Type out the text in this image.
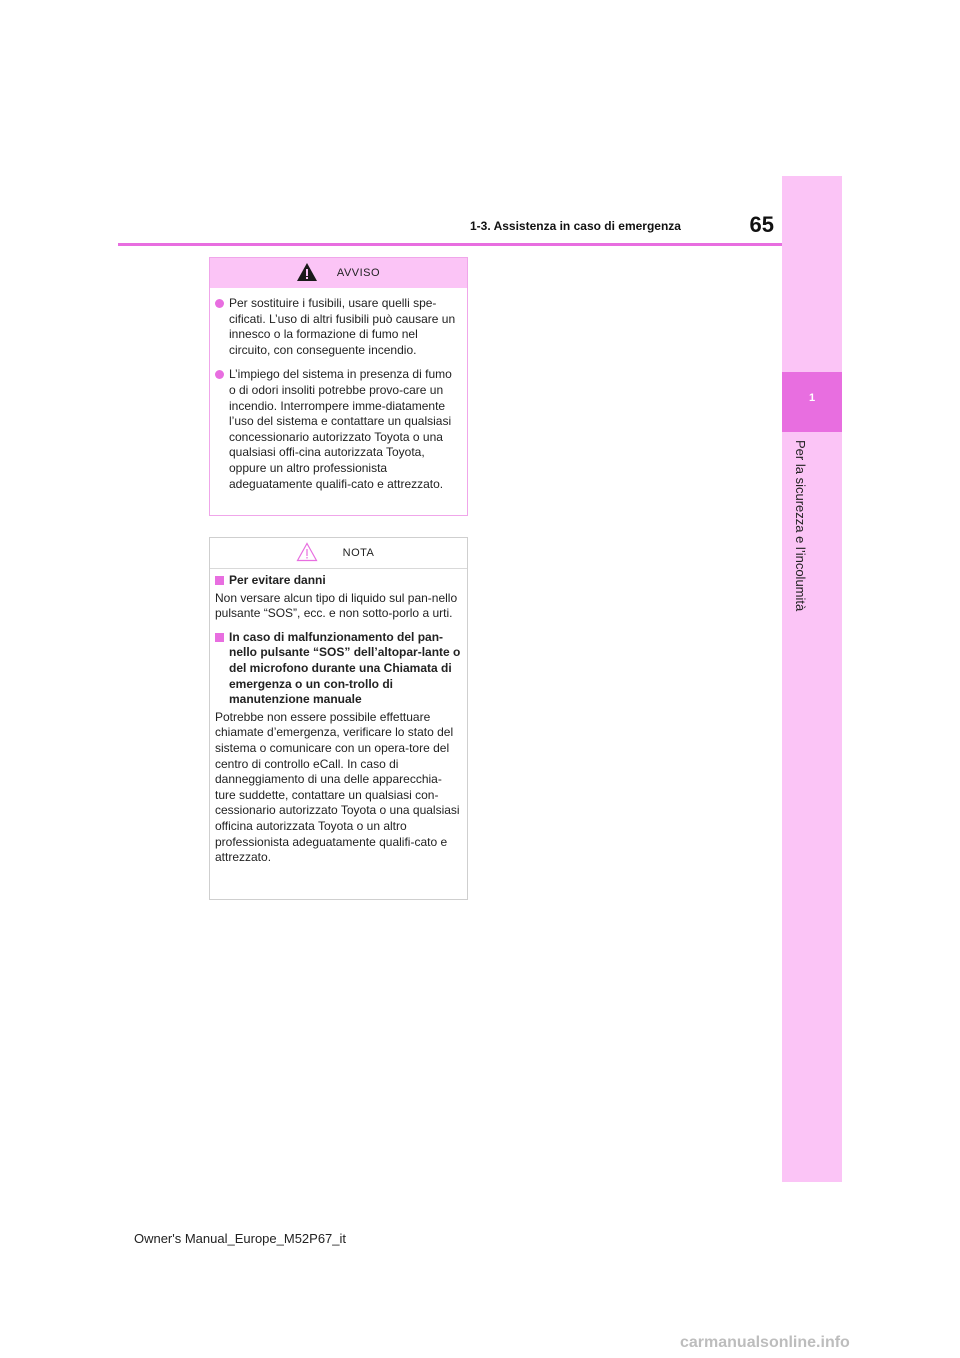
1
Per la sicurezza e l’incolumità
65
1-3. Assistenza in caso di emergenza
AVVISO
Per sostituire i fusibili, usare quelli spe-cificati. L’uso di altri fusibili può causare un innesco o la formazione di fumo nel circuito, con conseguente incendio.
L’impiego del sistema in presenza di fumo o di odori insoliti potrebbe provo-care un incendio. Interrompere imme-diatamente l’uso del sistema e contattare un qualsiasi concessionario autorizzato Toyota o una qualsiasi offi-cina autorizzata Toyota, oppure un altro professionista adeguatamente qualifi-cato e attrezzato.
NOTA
Per evitare danni
Non versare alcun tipo di liquido sul pan-nello pulsante “SOS”, ecc. e non sotto-porlo a urti.
In caso di malfunzionamento del pan-nello pulsante “SOS” dell’altopar-lante o del microfono durante una Chiamata di emergenza o un con-trollo di manutenzione manuale
Potrebbe non essere possibile effettuare chiamate d’emergenza, verificare lo stato del sistema o comunicare con un opera-tore del centro di controllo eCall. In caso di danneggiamento di una delle apparecchia-ture suddette, contattare un qualsiasi con-cessionario autorizzato Toyota o una qualsiasi officina autorizzata Toyota o un altro professionista adeguatamente qualifi-cato e attrezzato.
Owner's Manual_Europe_M52P67_it
carmanualsonline.info
